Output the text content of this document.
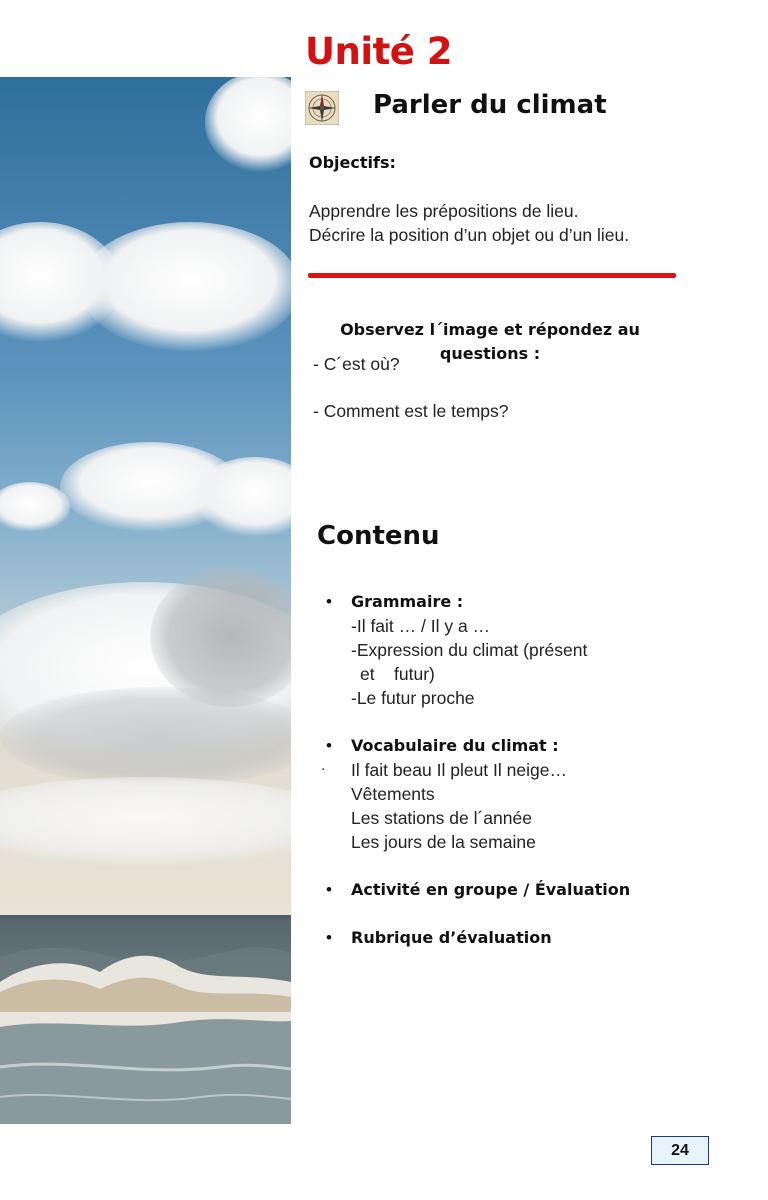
Unité 2
Parler du climat
Objectifs:
Apprendre les prépositions de lieu.
Décrire la position d’un objet ou d’un lieu.
Observez l´image et répondez au questions :
- C´est où?
- Comment est le temps?
Contenu
• Grammaire :
-Il fait … / Il y a …
-Expression du climat (présent
et    futur)
-Le futur proche
• Vocabulaire du climat :
Il fait beau Il pleut Il neige…
Vêtements
Les stations de l´année
Les jours de la semaine
• Activité en groupe / Évaluation
• Rubrique d’évaluation
·
24
